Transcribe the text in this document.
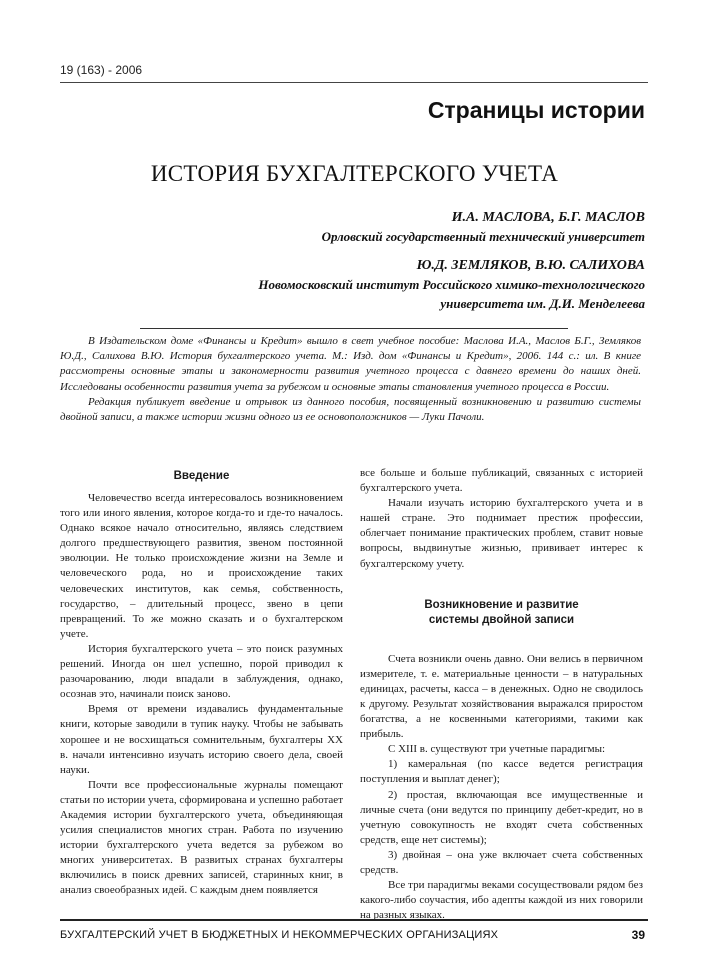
19 (163) - 2006
Страницы истории
ИСТОРИЯ БУХГАЛТЕРСКОГО УЧЕТА
И.А. МАСЛОВА, Б.Г. МАСЛОВ
Орловский государственный технический университет
Ю.Д. ЗЕМЛЯКОВ, В.Ю. САЛИХОВА
Новомосковский институт Российского химико-технологического
университета им. Д.И. Менделеева

В Издательском доме «Финансы и Кредит» вышло в свет учебное пособие: Маслова И.А., Маслов Б.Г., Земляков Ю.Д., Салихова В.Ю. История бухгалтерского учета. М.: Изд. дом «Финансы и Кредит», 2006. 144 с.: ил. В книге рассмотрены основные этапы и закономерности развития учетного процесса с давнего времени до наших дней. Исследованы особенности развития учета за рубежом и основные этапы становления учетного процесса в России.

Редакция публикует введение и отрывок из данного пособия, посвященный возникновению и развитию системы двойной записи, а также истории жизни одного из ее основоположников — Луки Пачоли.

Введение

Человечество всегда интересовалось возникновением того или иного явления, которое когда-то и где-то началось. Однако всякое начало относительно, являясь следствием долгого предшествующего развития, звеном постоянной эволюции. Не только происхождение жизни на Земле и человеческого рода, но и происхождение таких человеческих институтов, как семья, собственность, государство, – длительный процесс, звено в цепи превращений. То же можно сказать и о бухгалтерском учете.

История бухгалтерского учета – это поиск разумных решений. Иногда он шел успешно, порой приводил к разочарованию, люди впадали в заблуждения, однако, осознав это, начинали поиск заново.

Время от времени издавались фундаментальные книги, которые заводили в тупик науку. Чтобы не забывать хорошее и не восхищаться сомнительным, бухгалтеры XX в. начали интенсивно изучать историю своего дела, своей науки.

Почти все профессиональные журналы помещают статьи по истории учета, сформирована и успешно работает Академия истории бухгалтерского учета, объединяющая усилия специалистов многих стран. Работа по изучению истории бухгалтерского учета ведется за рубежом во многих университетах. В развитых странах бухгалтеры включились в поиск древних записей, старинных книг, в анализ своеобразных идей. С каждым днем появляется

все больше и больше публикаций, связанных с историей бухгалтерского учета.

Начали изучать историю бухгалтерского учета и в нашей стране. Это поднимает престиж профессии, облегчает понимание практических проблем, ставит новые вопросы, выдвинутые жизнью, прививает интерес к бухгалтерскому учету.

Возникновение и развитие
системы двойной записи

Счета возникли очень давно. Они велись в первичном измерителе, т. е. материальные ценности – в натуральных единицах, расчеты, касса – в денежных. Одно не сводилось к другому. Результат хозяйствования выражался приростом богатства, а не косвенными категориями, такими как прибыль.

С XIII в. существуют три учетные парадигмы:

1) камеральная (по кассе ведется регистрация поступления и выплат денег);

2) простая, включающая все имущественные и личные счета (они ведутся по принципу дебет-кредит, но в учетную совокупность не входят счета собственных средств, еще нет системы);

3) двойная – она уже включает счета собственных средств.

Все три парадигмы веками сосуществовали рядом без какого-либо соучастия, ибо адепты каждой из них говорили на разных языках.

БУХГАЛТЕРСКИЙ УЧЕТ В БЮДЖЕТНЫХ И НЕКОММЕРЧЕСКИХ ОРГАНИЗАЦИЯХ	39
